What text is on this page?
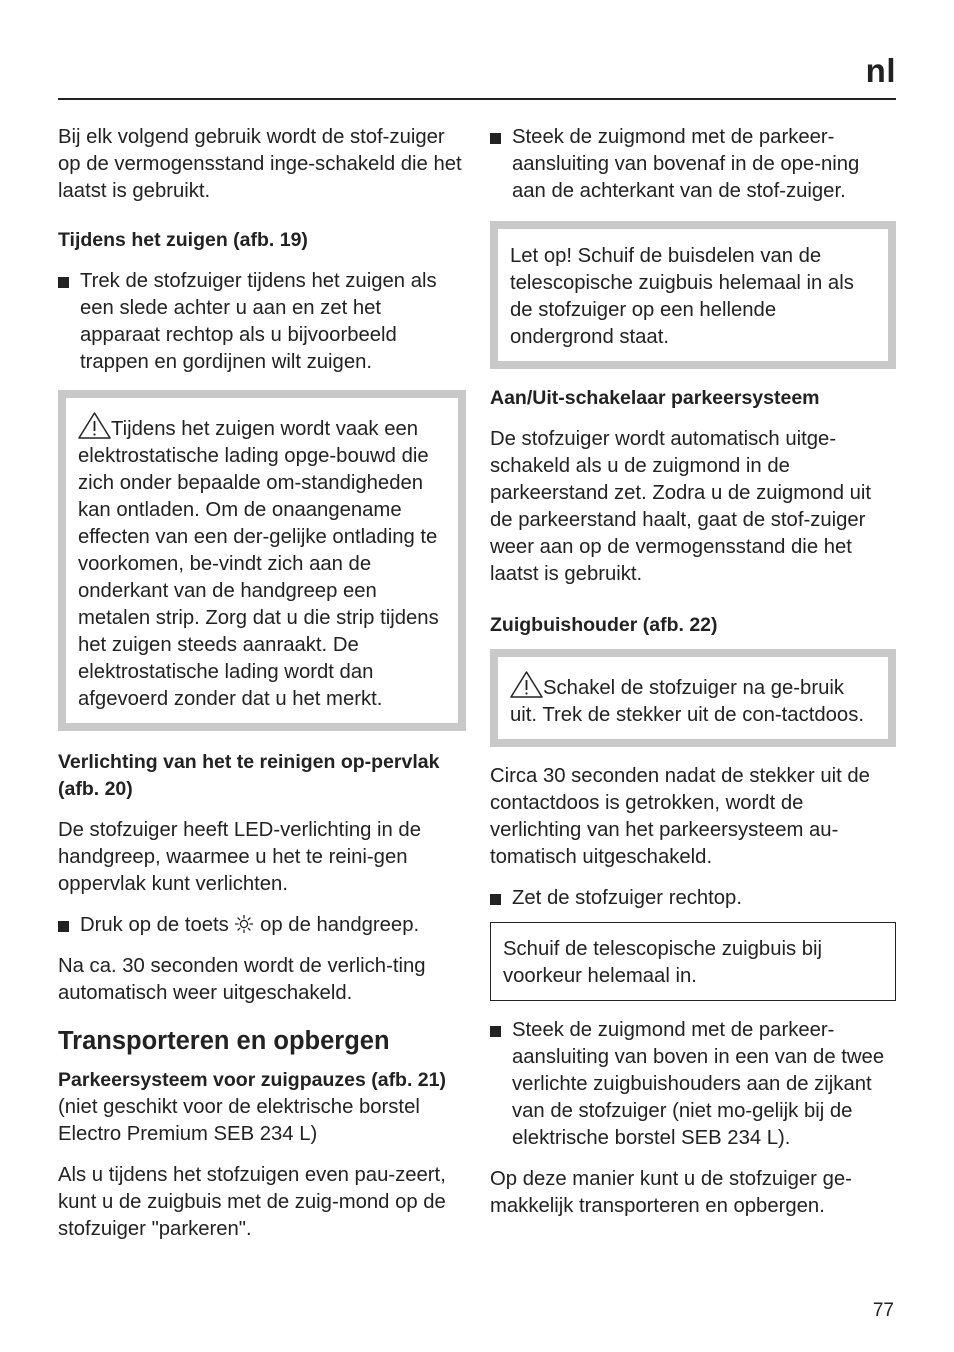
nl

Bij elk volgend gebruik wordt de stof-zuiger op de vermogensstand inge-schakeld die het laatst is gebruikt.

Tijdens het zuigen (afb. 19)

Trek de stofzuiger tijdens het zuigen als een slede achter u aan en zet het apparaat rechtop als u bijvoorbeeld trappen en gordijnen wilt zuigen.

Tijdens het zuigen wordt vaak een elektrostatische lading opge-bouwd die zich onder bepaalde om-standigheden kan ontladen. Om de onaangename effecten van een der-gelijke ontlading te voorkomen, be-vindt zich aan de onderkant van de handgreep een metalen strip. Zorg dat u die strip tijdens het zuigen steeds aanraakt. De elektrostatische lading wordt dan afgevoerd zonder dat u het merkt.

Verlichting van het te reinigen op-pervlak (afb. 20)

De stofzuiger heeft LED-verlichting in de handgreep, waarmee u het te reini-gen oppervlak kunt verlichten.

Druk op de toets op de handgreep.

Na ca. 30 seconden wordt de verlich-ting automatisch weer uitgeschakeld.

Transporteren en opbergen
Parkeersysteem voor zuigpauzes (afb. 21)

(niet geschikt voor de elektrische borstel Electro Premium SEB 234 L)

Als u tijdens het stofzuigen even pau-zeert, kunt u de zuigbuis met de zuig-mond op de stofzuiger "parkeren".

Steek de zuigmond met de parkeer-aansluiting van bovenaf in de ope-ning aan de achterkant van de stof-zuiger.

Let op! Schuif de buisdelen van de telescopische zuigbuis helemaal in als de stofzuiger op een hellende ondergrond staat.

Aan/Uit-schakelaar parkeersysteem

De stofzuiger wordt automatisch uitge-schakeld als u de zuigmond in de parkeerstand zet. Zodra u de zuigmond uit de parkeerstand haalt, gaat de stof-zuiger weer aan op de vermogensstand die het laatst is gebruikt.

Zuigbuishouder (afb. 22)

Schakel de stofzuiger na ge-bruik uit. Trek de stekker uit de con-tactdoos.

Circa 30 seconden nadat de stekker uit de contactdoos is getrokken, wordt de verlichting van het parkeersysteem au-tomatisch uitgeschakeld.

Zet de stofzuiger rechtop.

Schuif de telescopische zuigbuis bij voorkeur helemaal in.

Steek de zuigmond met de parkeer-aansluiting van boven in een van de twee verlichte zuigbuishouders aan de zijkant van de stofzuiger (niet mo-gelijk bij de elektrische borstel SEB 234 L).

Op deze manier kunt u de stofzuiger ge-makkelijk transporteren en opbergen.

77
